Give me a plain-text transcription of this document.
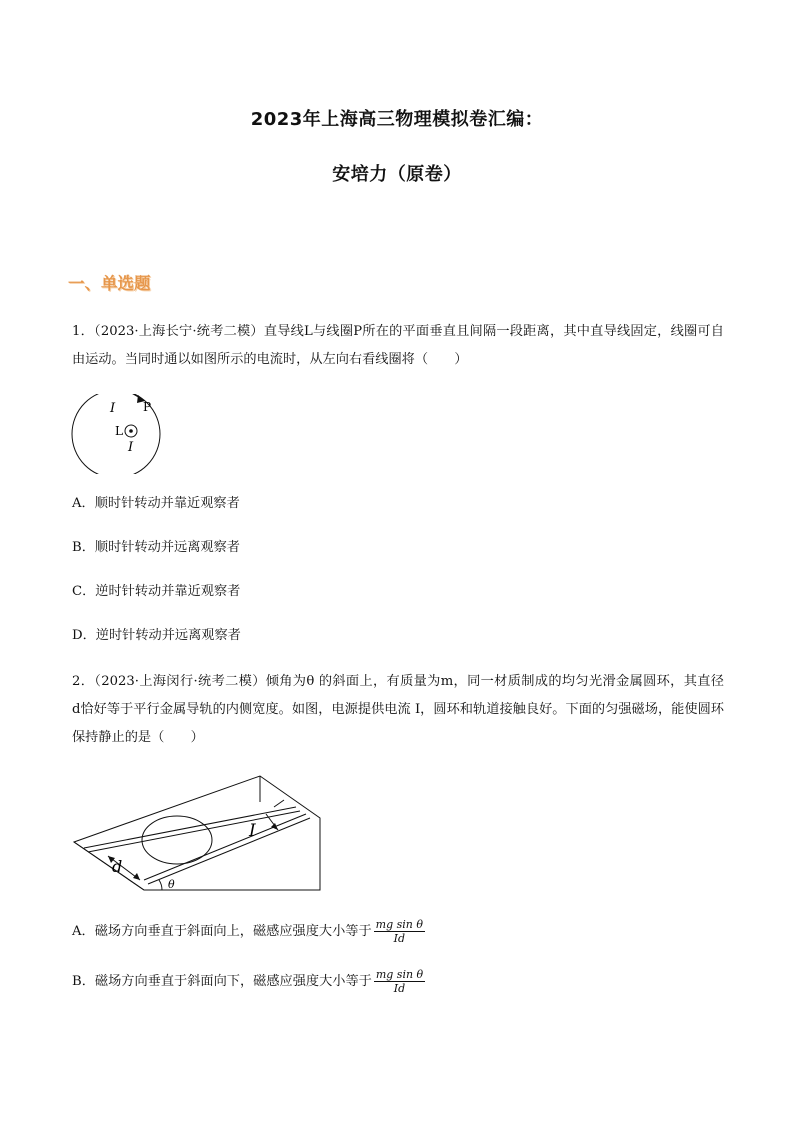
2023年上海高三物理模拟卷汇编：
安培力（原卷）
一、单选题
1．（2023·上海长宁·统考二模）直导线L与线圈P所在的平面垂直且间隔一段距离，其中直导线固定，线圈可自由运动。当同时通以如图所示的电流时，从左向右看线圈将（　　）
I P
L
I
A．顺时针转动并靠近观察者
B．顺时针转动并远离观察者
C．逆时针转动并靠近观察者
D．逆时针转动并远离观察者
2．（2023·上海闵行·统考二模）倾角为θ 的斜面上，有质量为m，同一材质制成的均匀光滑金属圆环，其直径　d恰好等于平行金属导轨的内侧宽度。如图，电源提供电流 I，圆环和轨道接触良好。下面的匀强磁场，能使圆环保持静止的是（　　）
I
d
θ
A．磁场方向垂直于斜面向上，磁感应强度大小等于 $\frac{\text{mg sin θ}}{Id}$
B．磁场方向垂直于斜面向下，磁感应强度大小等于 $\frac{\text{mg sin θ}}{Id}$
